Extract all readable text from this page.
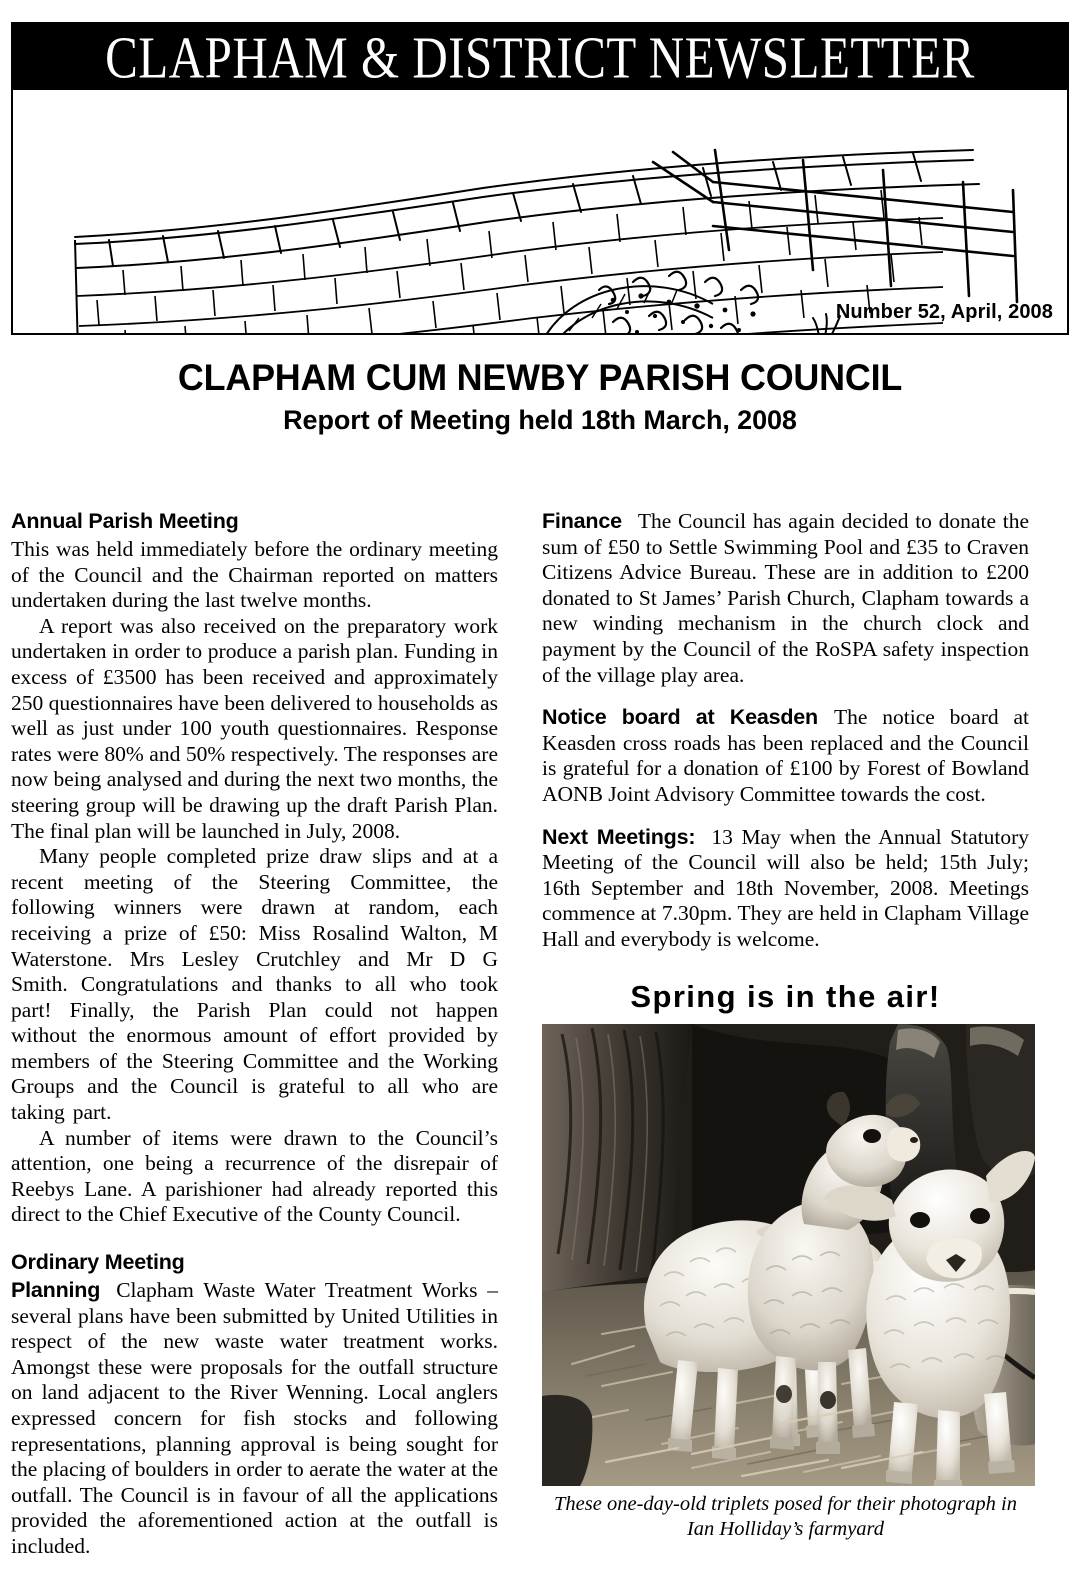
CLAPHAM & DISTRICT NEWSLETTER
Number 52, April, 2008
CLAPHAM CUM NEWBY PARISH COUNCIL
Report of Meeting held 18th March, 2008
Annual Parish Meeting

This was held immediately before the ordinary meeting of the Council and the Chairman reported on matters undertaken during the last twelve months.

A report was also received on the preparatory work undertaken in order to produce a parish plan. Funding in excess of £3500 has been received and approximately 250 questionnaires have been delivered to households as well as just under 100 youth questionnaires. Response rates were 80% and 50% respectively. The responses are now being analysed and during the next two months, the steering group will be drawing up the draft Parish Plan. The final plan will be launched in July, 2008.

Many people completed prize draw slips and at a recent meeting of the Steering Committee, the following winners were drawn at random, each receiving a prize of £50: Miss Rosalind Walton, M Waterstone. Mrs Lesley Crutchley and Mr D G Smith. Congratulations and thanks to all who took part! Finally, the Parish Plan could not happen without the enormous amount of effort provided by members of the Steering Committee and the Working Groups and the Council is grateful to all who are taking part.

A number of items were drawn to the Council’s attention, one being a recurrence of the disrepair of Reebys Lane. A parishioner had already reported this direct to the Chief Executive of the County Council.

Ordinary Meeting

Planning Clapham Waste Water Treatment Works – several plans have been submitted by United Utilities in respect of the new waste water treatment works. Amongst these were proposals for the outfall structure on land adjacent to the River Wenning. Local anglers expressed concern for fish stocks and following representations, planning approval is being sought for the placing of boulders in order to aerate the water at the outfall. The Council is in favour of all the applications provided the aforementioned action at the outfall is included.

Finance The Council has again decided to donate the sum of £50 to Settle Swimming Pool and £35 to Craven Citizens Advice Bureau. These are in addition to £200 donated to St James’ Parish Church, Clapham towards a new winding mechanism in the church clock and payment by the Council of the RoSPA safety inspection of the village play area.

Notice board at Keasden The notice board at Keasden cross roads has been replaced and the Council is grateful for a donation of £100 by Forest of Bowland AONB Joint Advisory Committee towards the cost.

Next Meetings: 13 May when the Annual Statutory Meeting of the Council will also be held; 15th July; 16th September and 18th November, 2008. Meetings commence at 7.30pm. They are held in Clapham Village Hall and everybody is welcome.

Spring is in the air!
These one-day-old triplets posed for their photograph in Ian Holliday’s farmyard
